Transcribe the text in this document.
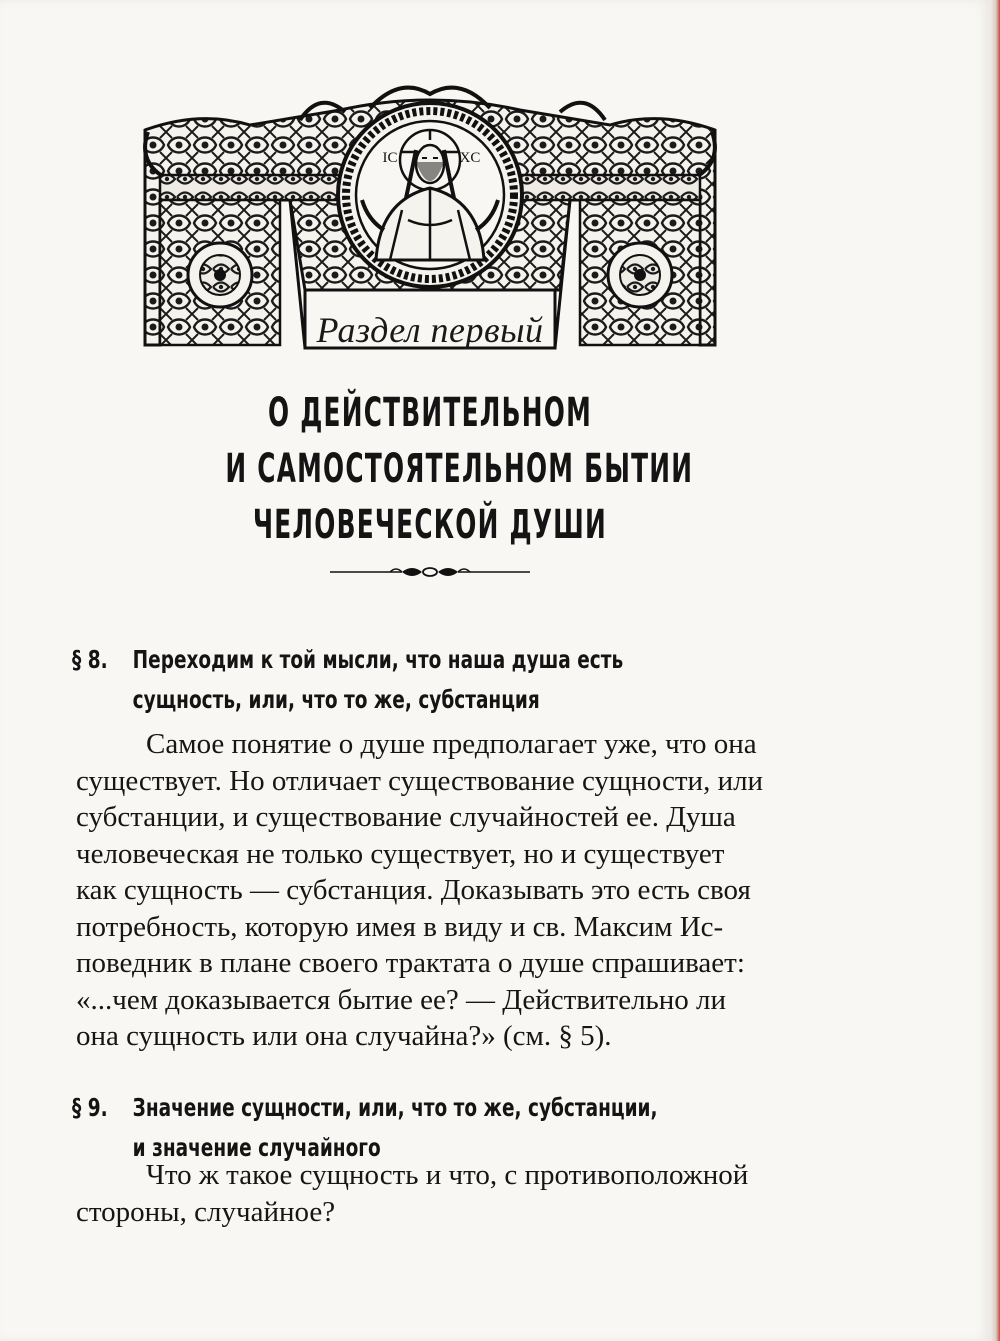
IC	XC
Раздел первый
О ДЕЙСТВИТЕЛЬНОМ
И САМОСТОЯТЕЛЬНОМ БЫТИИ
ЧЕЛОВЕЧЕСКОЙ ДУШИ
§ 8. Переходим к той мысли, что наша душа есть
сущность, или, что то же, субстанция
Самое понятие о душе предполагает уже, что она
существует. Но отличает существование сущности, или
субстанции, и существование случайностей ее. Душа
человеческая не только существует, но и существует
как сущность — субстанция. Доказывать это есть своя
потребность, которую имея в виду и св. Максим Ис-
поведник в плане своего трактата о душе спрашивает:
«...чем доказывается бытие ее? — Действительно ли
она сущность или она случайна?» (см. § 5).
§ 9. Значение сущности, или, что то же, субстанции,
и значение случайного
Что ж такое сущность и что, с противоположной
стороны, случайное?
